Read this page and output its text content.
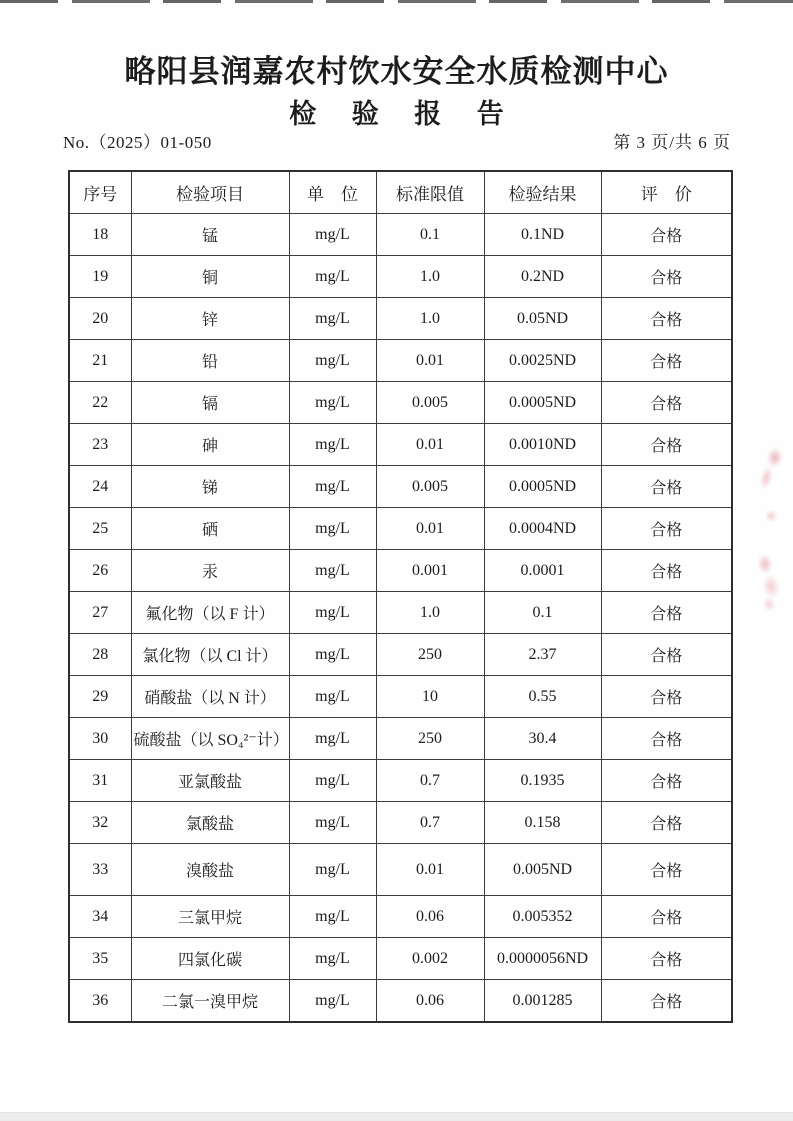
略阳县润嘉农村饮水安全水质检测中心
检 验 报 告
No.（2025）01-050	第 3 页/共 6 页
序号	检验项目	单　位	标准限值	检验结果	评　价
18	锰	mg/L	0.1	0.1ND	合格
19	铜	mg/L	1.0	0.2ND	合格
20	锌	mg/L	1.0	0.05ND	合格
21	铅	mg/L	0.01	0.0025ND	合格
22	镉	mg/L	0.005	0.0005ND	合格
23	砷	mg/L	0.01	0.0010ND	合格
24	锑	mg/L	0.005	0.0005ND	合格
25	硒	mg/L	0.01	0.0004ND	合格
26	汞	mg/L	0.001	0.0001	合格
27	氟化物（以 F 计）	mg/L	1.0	0.1	合格
28	氯化物（以 Cl 计）	mg/L	250	2.37	合格
29	硝酸盐（以 N 计）	mg/L	10	0.55	合格
30	硫酸盐（以 SO₄²⁻计）	mg/L	250	30.4	合格
31	亚氯酸盐	mg/L	0.7	0.1935	合格
32	氯酸盐	mg/L	0.7	0.158	合格
33	溴酸盐	mg/L	0.01	0.005ND	合格
34	三氯甲烷	mg/L	0.06	0.005352	合格
35	四氯化碳	mg/L	0.002	0.0000056ND	合格
36	二氯一溴甲烷	mg/L	0.06	0.001285	合格
